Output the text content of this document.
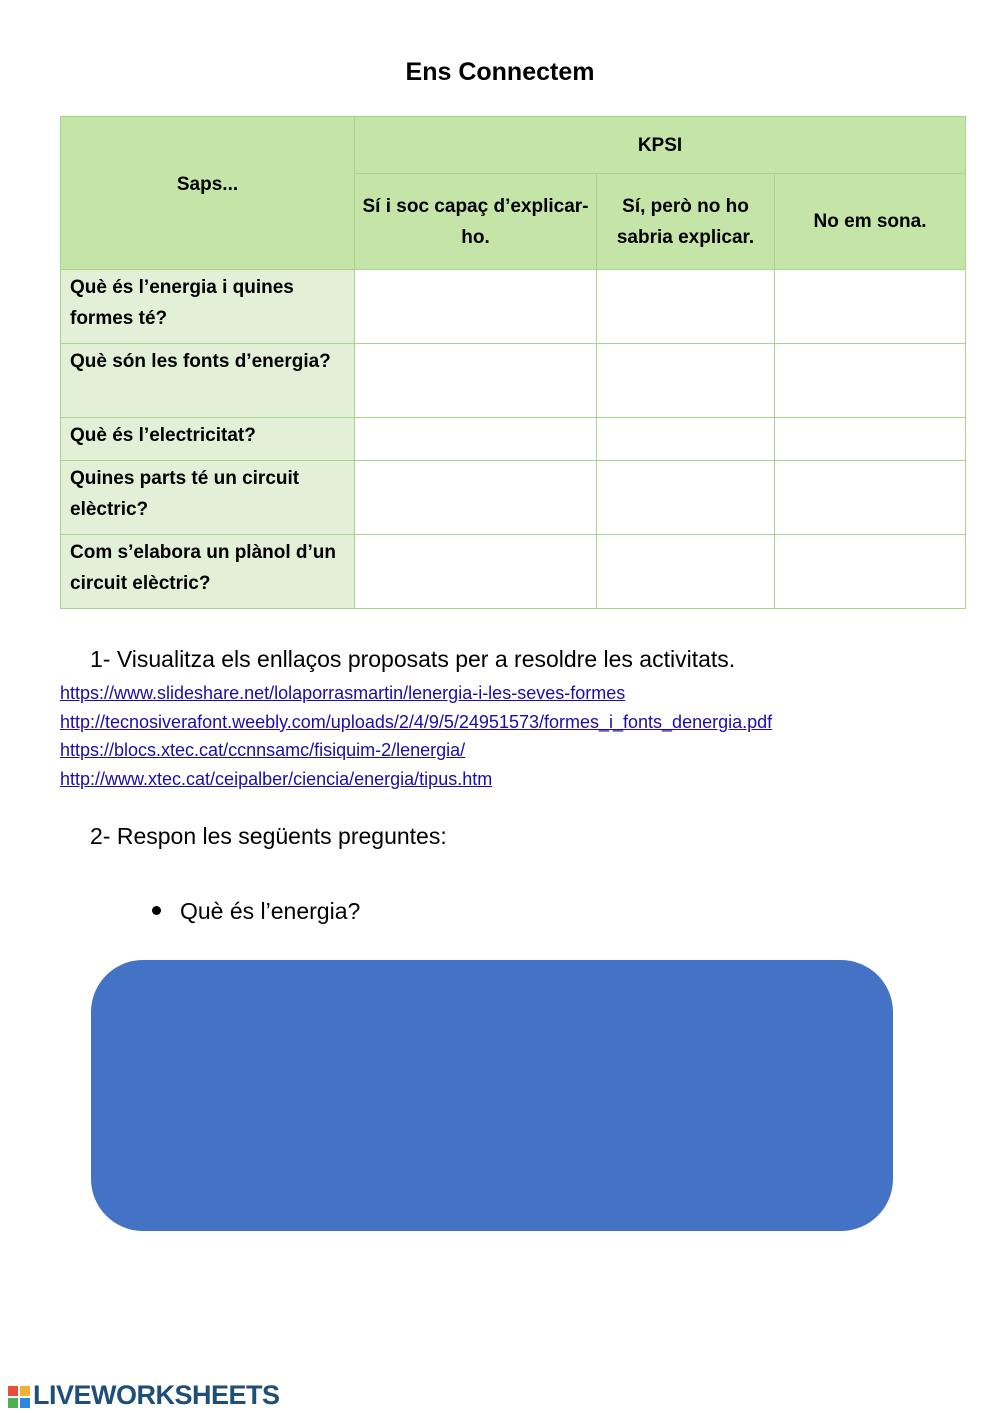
Ens Connectem
Saps...	KPSI		
	Sí i soc capaç d’explicar-ho.	Sí, però no ho sabria explicar.	No em sona.
Què és l’energia i quines formes té?			
Què són les fonts d’energia?			
Què és l’electricitat?			
Quines parts té un circuit elèctric?			
Com s’elabora un plànol d’un circuit elèctric?			

1- Visualitza els enllaços proposats per a resoldre les activitats.

https://www.slideshare.net/lolaporrasmartin/lenergia-i-les-seves-formes
http://tecnosiverafont.weebly.com/uploads/2/4/9/5/24951573/formes_i_fonts_denergia.pdf
https://blocs.xtec.cat/ccnnsamc/fisiquim-2/lenergia/
http://www.xtec.cat/ceipalber/ciencia/energia/tipus.htm

2- Respon les següents preguntes:

Què és l’energia?
LIVEWORKSHEETS
